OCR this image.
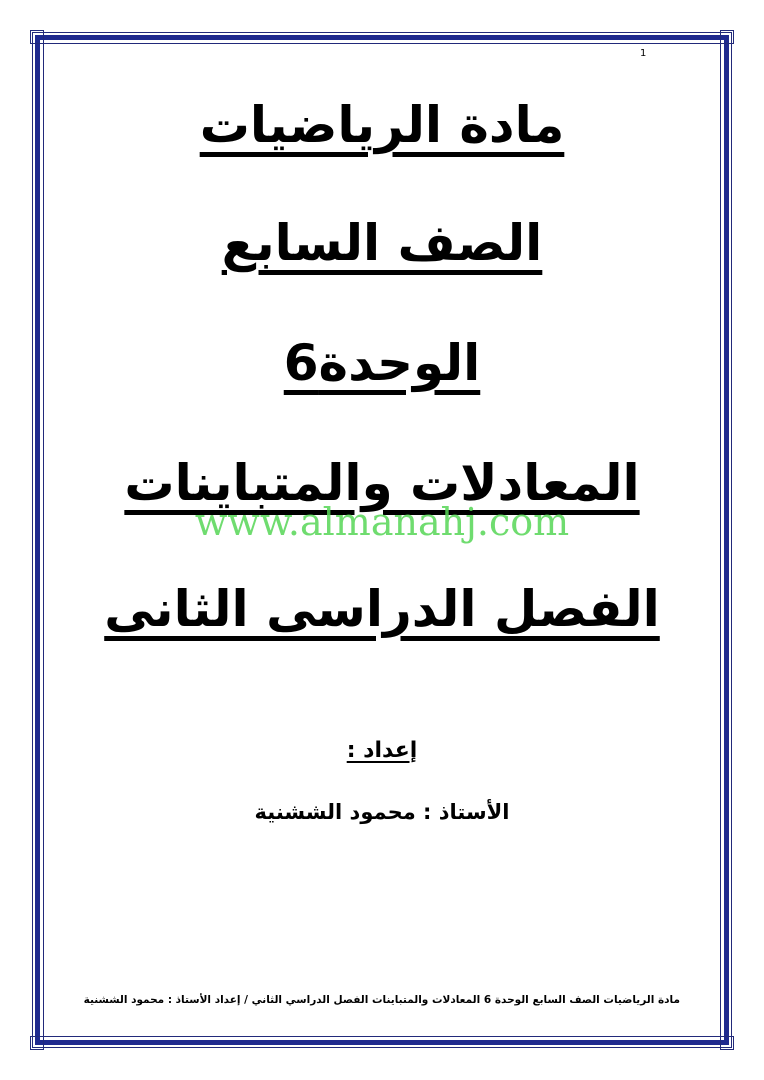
1
مادة الرياضيات
الصف السابع
الوحدة6
المعادلات والمتباينات
www.almanahj.com
الفصل الدراسى الثانى
إعداد :
الأستاذ : محمود الششنية
مادة الرياضيات الصف السابع الوحدة 6 المعادلات والمتباينات الفصل الدراسي الثاني / إعداد الأستاذ : محمود الششنية
